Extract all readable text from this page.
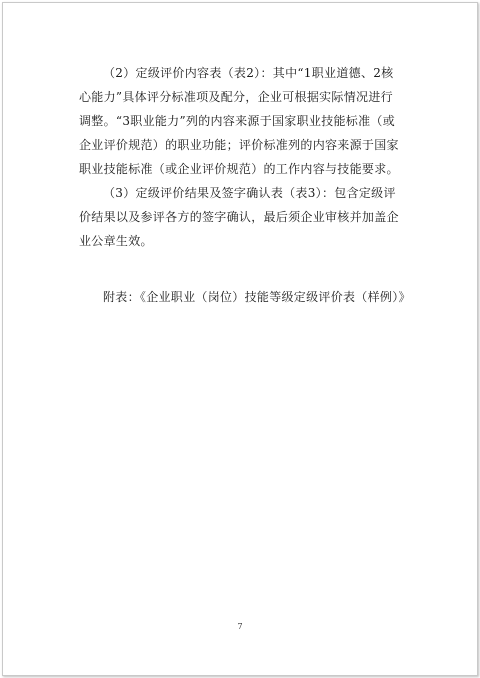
（2）定级评价内容表（表2）：其中“1职业道德、2核
心能力”具体评分标准项及配分，企业可根据实际情况进行
调整。“3职业能力”列的内容来源于国家职业技能标准（或
企业评价规范）的职业功能；评价标准列的内容来源于国家
职业技能标准（或企业评价规范）的工作内容与技能要求。

（3）定级评价结果及签字确认表（表3）：包含定级评
价结果以及参评各方的签字确认，最后须企业审核并加盖企
业公章生效。

附表：《企业职业（岗位）技能等级定级评价表（样例）》
7
